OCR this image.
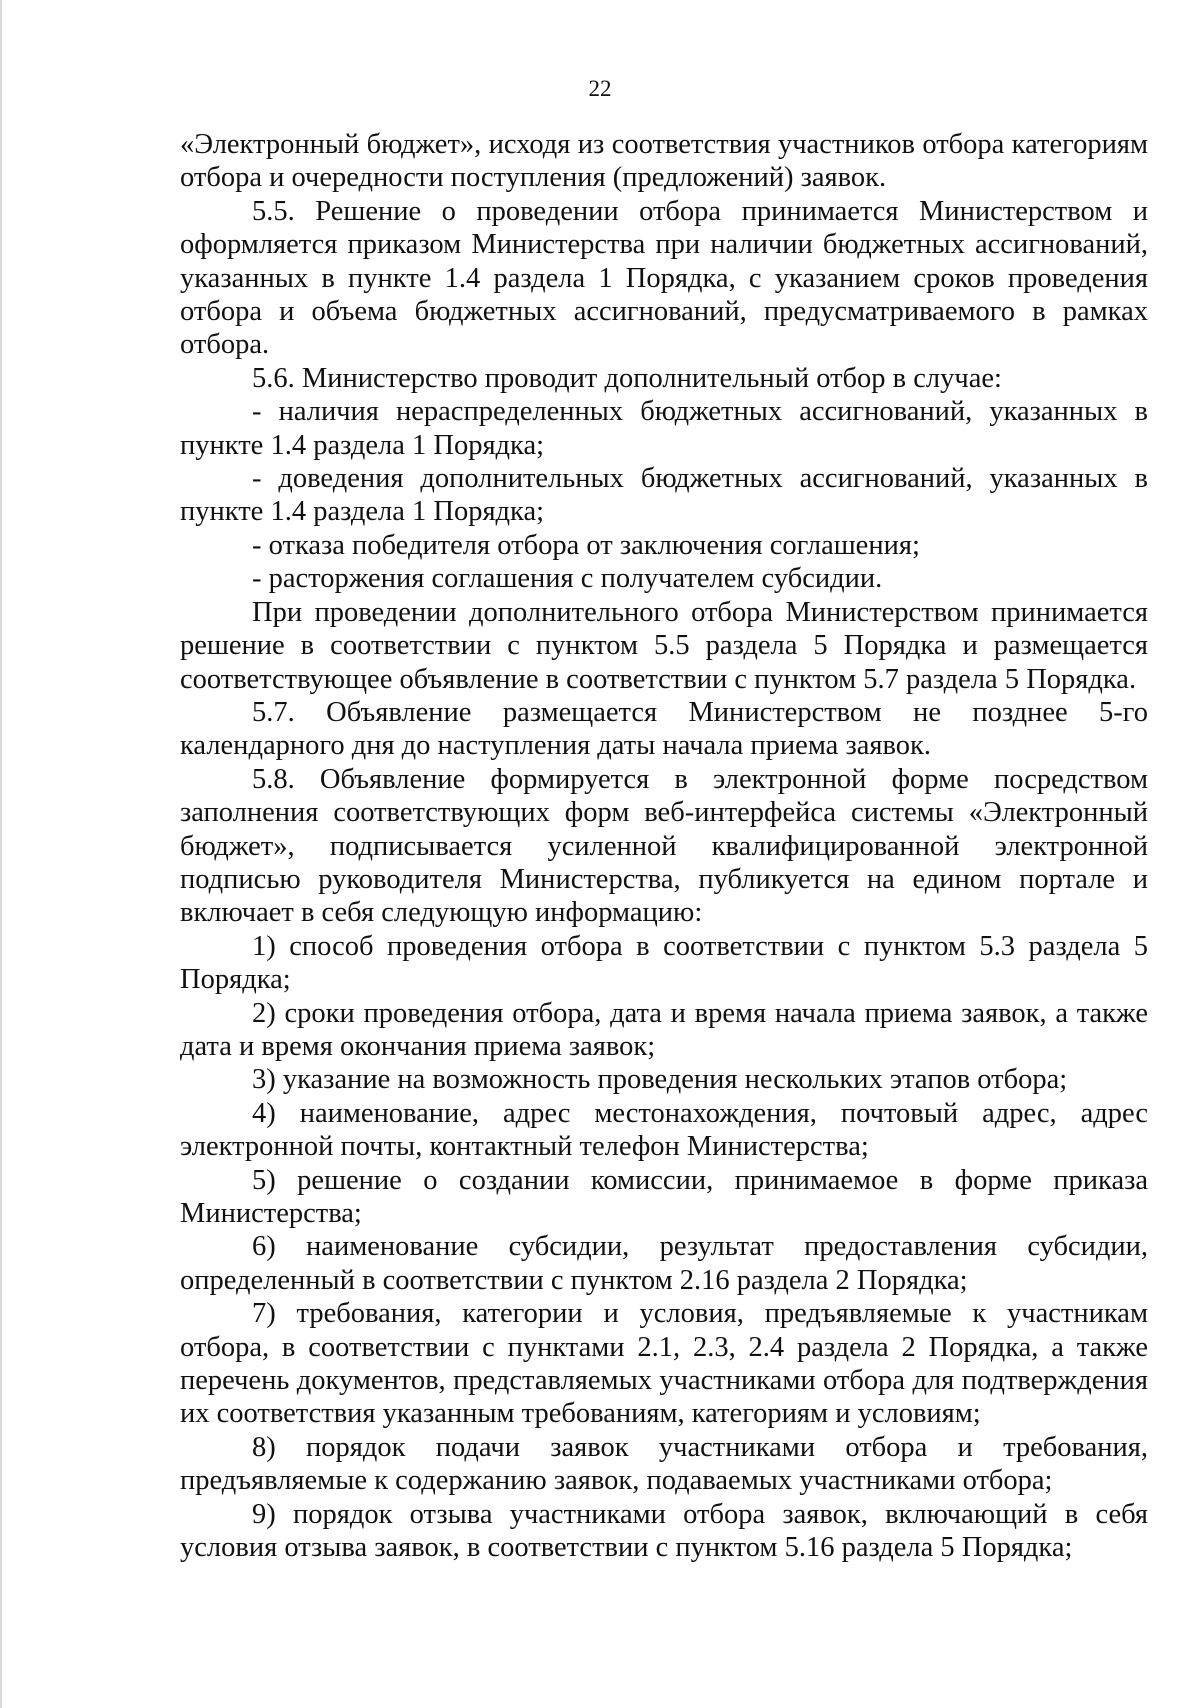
22

«Электронный бюджет», исходя из соответствия участников отбора категориям отбора и очередности поступления (предложений) заявок.

5.5. Решение о проведении отбора принимается Министерством и оформляется приказом Министерства при наличии бюджетных ассигнований, указанных в пункте 1.4 раздела 1 Порядка, с указанием сроков проведения отбора и объема бюджетных ассигнований, предусматриваемого в рамках отбора.

5.6. Министерство проводит дополнительный отбор в случае:

- наличия нераспределенных бюджетных ассигнований, указанных в пункте 1.4 раздела 1 Порядка;

- доведения дополнительных бюджетных ассигнований, указанных в пункте 1.4 раздела 1 Порядка;

- отказа победителя отбора от заключения соглашения;

- расторжения соглашения с получателем субсидии.

При проведении дополнительного отбора Министерством принимается решение в соответствии с пунктом 5.5 раздела 5 Порядка и размещается соответствующее объявление в соответствии с пунктом 5.7 раздела 5 Порядка.

5.7. Объявление размещается Министерством не позднее 5-го календарного дня до наступления даты начала приема заявок.

5.8. Объявление формируется в электронной форме посредством заполнения соответствующих форм веб-интерфейса системы «Электронный бюджет», подписывается усиленной квалифицированной электронной подписью руководителя Министерства, публикуется на едином портале и включает в себя следующую информацию:

1) способ проведения отбора в соответствии с пунктом 5.3 раздела 5 Порядка;

2) сроки проведения отбора, дата и время начала приема заявок, а также дата и время окончания приема заявок;

3) указание на возможность проведения нескольких этапов отбора;

4) наименование, адрес местонахождения, почтовый адрес, адрес электронной почты, контактный телефон Министерства;

5) решение о создании комиссии, принимаемое в форме приказа Министерства;

6) наименование субсидии, результат предоставления субсидии, определенный в соответствии с пунктом 2.16 раздела 2 Порядка;

7) требования, категории и условия, предъявляемые к участникам отбора, в соответствии с пунктами 2.1, 2.3, 2.4 раздела 2 Порядка, а также перечень документов, представляемых участниками отбора для подтверждения их соответствия указанным требованиям, категориям и условиям;

8) порядок подачи заявок участниками отбора и требования, предъявляемые к содержанию заявок, подаваемых участниками отбора;

9) порядок отзыва участниками отбора заявок, включающий в себя условия отзыва заявок, в соответствии с пунктом 5.16 раздела 5 Порядка;
